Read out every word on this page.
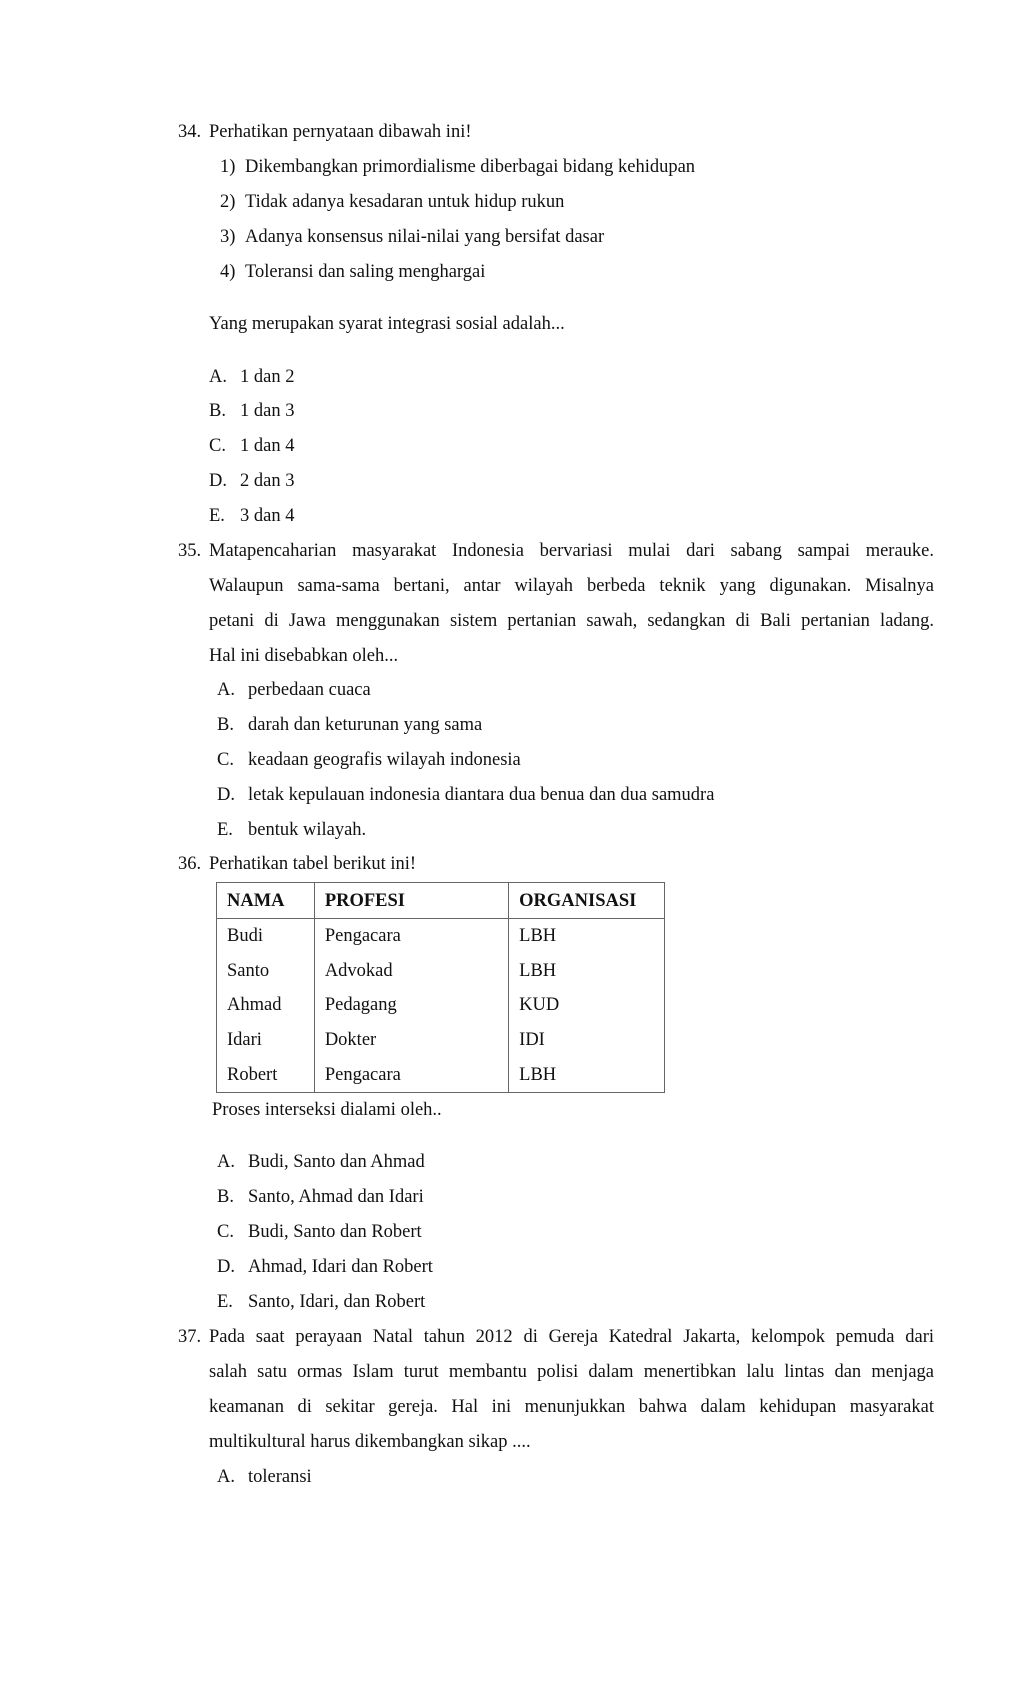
34. Perhatikan pernyataan dibawah ini!
1) Dikembangkan primordialisme diberbagai bidang kehidupan
2) Tidak adanya kesadaran untuk hidup rukun
3) Adanya konsensus nilai-nilai yang bersifat dasar
4) Toleransi dan saling menghargai
Yang merupakan syarat integrasi sosial adalah...
A. 1 dan 2
B. 1 dan 3
C. 1 dan 4
D. 2 dan 3
E. 3 dan 4
35. Matapencaharian masyarakat Indonesia bervariasi mulai dari sabang sampai merauke.
Walaupun sama-sama bertani, antar wilayah berbeda teknik yang digunakan. Misalnya
petani di Jawa menggunakan sistem pertanian sawah, sedangkan di Bali pertanian ladang.
Hal ini disebabkan oleh...
A. perbedaan cuaca
B. darah dan keturunan yang sama
C. keadaan geografis wilayah indonesia
D. letak kepulauan indonesia diantara dua benua dan dua samudra
E. bentuk wilayah.
36. Perhatikan tabel berikut ini!
NAMA	PROFESI	ORGANISASI
Budi	Pengacara	LBH
Santo	Advokad	LBH
Ahmad	Pedagang	KUD
Idari	Dokter	IDI
Robert	Pengacara	LBH
Proses interseksi dialami oleh..
A. Budi, Santo dan Ahmad
B. Santo, Ahmad dan Idari
C. Budi, Santo dan Robert
D. Ahmad, Idari dan Robert
E. Santo, Idari, dan Robert
37. Pada saat perayaan Natal tahun 2012 di Gereja Katedral Jakarta, kelompok pemuda dari
salah satu ormas Islam turut membantu polisi dalam menertibkan lalu lintas dan menjaga
keamanan di sekitar gereja. Hal ini menunjukkan bahwa dalam kehidupan masyarakat
multikultural harus dikembangkan sikap ....
A. toleransi
